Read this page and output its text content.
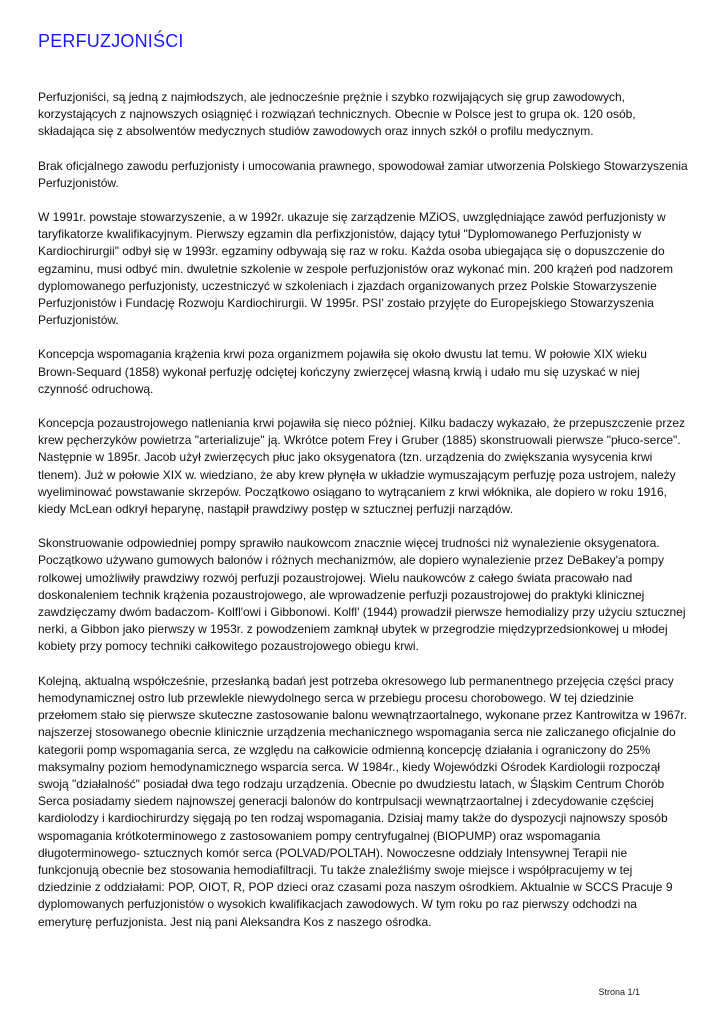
PERFUZJONIŚCI

Perfuzjoniści, są jedną z najmłodszych, ale jednocześnie prężnie i szybko rozwijających się grup zawodowych, korzystających z najnowszych osiągnięć i rozwiązań technicznych. Obecnie w Polsce jest to grupa ok. 120 osób, składająca się z absolwentów medycznych studiów zawodowych oraz innych szkół o profilu medycznym.

Brak oficjalnego zawodu perfuzjonisty i umocowania prawnego, spowodował zamiar utworzenia Polskiego Stowarzyszenia Perfuzjonistów.

W 1991r. powstaje stowarzyszenie, a w 1992r. ukazuje się zarządzenie MZiOS, uwzględniające zawód perfuzjonisty w taryfikatorze kwalifikacyjnym. Pierwszy egzamin dla perfixzjonistów, dający tytuł "Dyplomowanego Perfuzjonisty w Kardiochirurgii" odbył się w 1993r. egzaminy odbywają się raz w roku. Każda osoba ubiegająca się o dopuszczenie do egzaminu, musi odbyć min. dwuletnie szkolenie w zespole perfuzjonistów oraz wykonać min. 200 krążeń pod nadzorem dyplomowanego perfuzjonisty, uczestniczyć w szkoleniach i zjazdach organizowanych przez Polskie Stowarzyszenie Perfuzjonistów i Fundację Rozwoju Kardiochirurgii. W 1995r. PSI' zostało przyjęte do Europejskiego Stowarzyszenia Perfuzjonistów.

Koncepcja wspomagania krążenia krwi poza organizmem pojawiła się około dwustu lat temu. W połowie XIX wieku Brown-Sequard (1858) wykonał perfuzję odciętej kończyny zwierzęcej własną krwią i udało mu się uzyskać w niej czynność odruchową.

Koncepcja pozaustrojowego natleniania krwi pojawiła się nieco później. Kilku badaczy wykazało, że przepuszczenie przez krew pęcherzyków powietrza "arterializuje" ją. Wkrótce potem Frey i Gruber (1885) skonstruowali pierwsze "płuco-serce". Następnie w 1895r. Jacob użył zwierzęcych płuc jako oksygenatora (tzn. urządzenia do zwiększania wysycenia krwi tlenem). Już w połowie XIX w. wiedziano, że aby krew płynęła w układzie wymuszającym perfuzję poza ustrojem, należy wyeliminować powstawanie skrzepów. Początkowo osiągano to wytrącaniem z krwi włóknika, ale dopiero w roku 1916, kiedy McLean odkrył heparynę, nastąpił prawdziwy postęp w sztucznej perfuzji narządów.

Skonstruowanie odpowiedniej pompy sprawiło naukowcom znacznie więcej trudności niż wynalezienie oksygenatora. Początkowo używano gumowych balonów i różnych mechanizmów, ale dopiero wynalezienie przez DeBakey'a pompy rolkowej umożliwiły prawdziwy rozwój perfuzji pozaustrojowej. Wielu naukowców z całego świata pracowało nad doskonaleniem technik krążenia pozaustrojowego, ale wprowadzenie perfuzji pozaustrojowej do praktyki klinicznej zawdzięczamy dwóm badaczom- Kolfl'owi i Gibbonowi. Kolfl' (1944) prowadził pierwsze hemodializy przy użyciu sztucznej nerki, a Gibbon jako pierwszy w 1953r. z powodzeniem zamknął ubytek w przegrodzie międzyprzedsionkowej u młodej kobiety przy pomocy techniki całkowitego pozaustrojowego obiegu krwi.

Kolejną, aktualną współcześnie, przesłanką badań jest potrzeba okresowego lub permanentnego przejęcia części pracy hemodynamicznej ostro lub przewlekle niewydolnego serca w przebiegu procesu chorobowego. W tej dziedzinie przełomem stało się pierwsze skuteczne zastosowanie balonu wewnątrzaortalnego, wykonane przez Kantrowitza w 1967r. najszerzej stosowanego obecnie klinicznie urządzenia mechanicznego wspomagania serca nie zaliczanego oficjalnie do kategorii pomp wspomagania serca, ze względu na całkowicie odmienną koncepcję działania i ograniczony do 25% maksymalny poziom hemodynamicznego wsparcia serca. W 1984r., kiedy Wojewódzki Ośrodek Kardiologii rozpoczął swoją "działalność" posiadał dwa tego rodzaju urządzenia. Obecnie po dwudziestu latach, w Śląskim Centrum Chorób Serca posiadamy siedem najnowszej generacji balonów do kontrpulsacji wewnątrzaortalnej i zdecydowanie częściej kardiolodzy i kardiochirurdzy sięgają po ten rodzaj wspomagania. Dzisiaj mamy także do dyspozycji najnowszy sposób wspomagania krótkoterminowego z zastosowaniem pompy centryfugalnej (BIOPUMP) oraz wspomagania długoterminowego- sztucznych komór serca (POLVAD/POLTAH). Nowoczesne oddziały Intensywnej Terapii nie funkcjonują obecnie bez stosowania hemodiafiltracji. Tu także znaleźliśmy swoje miejsce i współpracujemy w tej dziedzinie z oddziałami: POP, OIOT, R, POP dzieci oraz czasami poza naszym ośrodkiem. Aktualnie w SCCS Pracuje 9 dyplomowanych perfuzjonistów o wysokich kwalifikacjach zawodowych. W tym roku po raz pierwszy odchodzi na emeryturę perfuzjonista. Jest nią pani Aleksandra Kos z naszego ośrodka.

Strona 1/1
